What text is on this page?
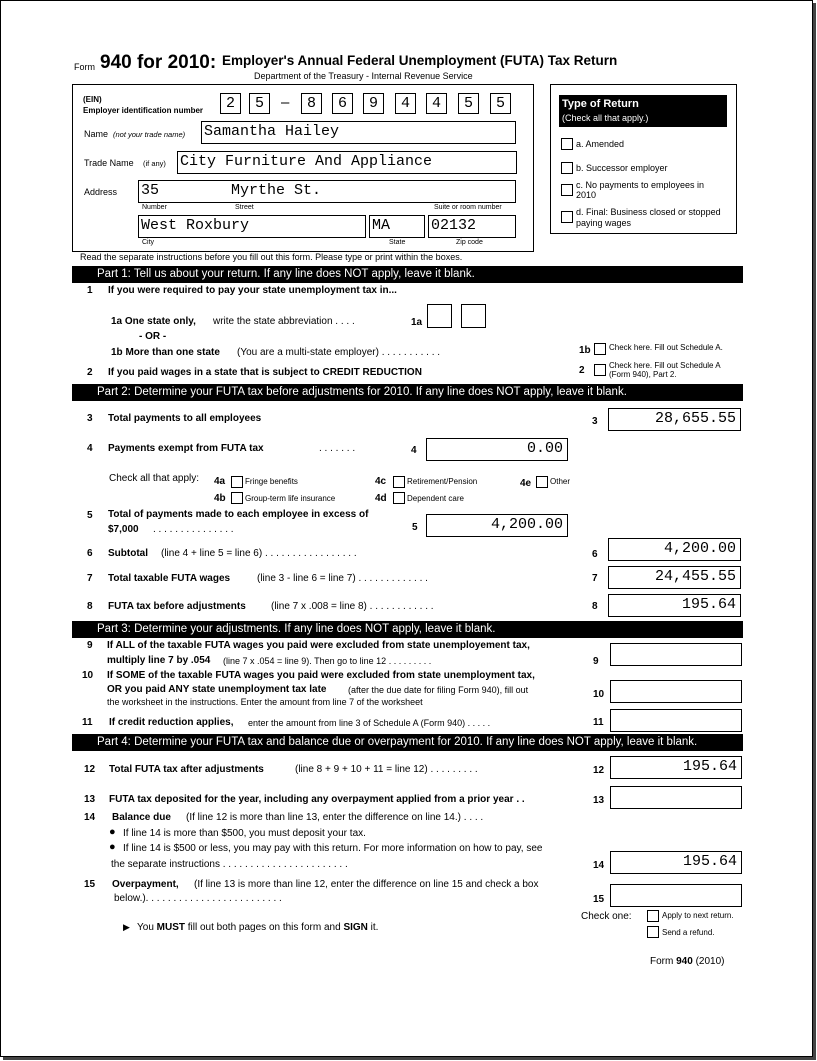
Form 940 for 2010: Employer's Annual Federal Unemployment (FUTA) Tax Return
Department of the Treasury - Internal Revenue Service
(EIN)
Employer identification number	2	5	–	8	6	9	4	4	5	5
Name (not your trade name) Samantha Hailey
Trade Name (if any) City Furniture And Appliance
Address 35        Myrthe St.
Number	Street	Suite or room number
West Roxbury	MA	02132
City	State	Zip code
Type of Return
(Check all that apply.)
a. Amended
b. Successor employer
c. No payments to employees in 2010
d. Final: Business closed or stopped paying wages
Read the separate instructions before you fill out this form. Please type or print within the boxes.
Part 1: Tell us about your return. If any line does NOT apply, leave it blank.
1 If you were required to pay your state unemployment tax in...
1a One state only, write the state abbreviation . . . .	1a
- OR -
1b More than one state (You are a multi-state employer) . . . . . . . . . . .	1b Check here. Fill out Schedule A.
2 If you paid wages in a state that is subject to CREDIT REDUCTION	2	Check here. Fill out Schedule A
(Form 940), Part 2.
Part 2: Determine your FUTA tax before adjustments for 2010. If any line does NOT apply, leave it blank.
3 Total payments to all employees	3	28,655.55
4 Payments exempt from FUTA tax	. . . . . . .	4	0.00
Check all that apply: 4a Fringe benefits	4c	Retirement/Pension	4e Other
4b Group-term life insurance	4d	Dependent care
5 Total of payments made to each employee in excess of
$7,000 . . . . . . . . . . . . . . .	5	4,200.00
6 Subtotal (line 4 + line 5 = line 6) . . . . . . . . . . . . . . . . .	6	4,200.00
7 Total taxable FUTA wages	(line 3 - line 6 = line 7) . . . . . . . . . . . . .	7	24,455.55
8 FUTA tax before adjustments	(line 7 x .008 = line 8) . . . . . . . . . . . .	8	195.64
Part 3: Determine your adjustments. If any line does NOT apply, leave it blank.
9 If ALL of the taxable FUTA wages you paid were excluded from state unemployement tax,
multiply line 7 by .054 (line 7 x .054 = line 9). Then go to line 12 . . . . . . . . .	9
10 If SOME of the taxable FUTA wages you paid were excluded from state unemployment tax,
OR you paid ANY state unemployment tax late (after the due date for filing Form 940), fill out
the worksheet in the instructions. Enter the amount from line 7 of the worksheet
10
11 If credit reduction applies, enter the amount from line 3 of Schedule A (Form 940) . . . . .	11
Part 4: Determine your FUTA tax and balance due or overpayment for 2010. If any line does NOT apply, leave it blank.
12 Total FUTA tax after adjustments	(line 8 + 9 + 10 + 11 = line 12) . . . . . . . . .	12	195.64
13 FUTA tax deposited for the year, including any overpayment applied from a prior year . .	13
14 Balance due (If line 12 is more than line 13, enter the difference on line 14.) . . . .
● If line 14 is more than $500, you must deposit your tax.
● If line 14 is $500 or less, you may pay with this return. For more information on how to pay, see
the separate instructions . . . . . . . . . . . . . . . . . . . . . . .	14	195.64
15 Overpayment, (If line 13 is more than line 12, enter the difference on line 15 and check a box
below.). . . . . . . . . . . . . . . . . . . . . . . . .	15
Check one:	Apply to next return.
Send a refund.
▶ You MUST fill out both pages on this form and SIGN it.
Form 940 (2010)
